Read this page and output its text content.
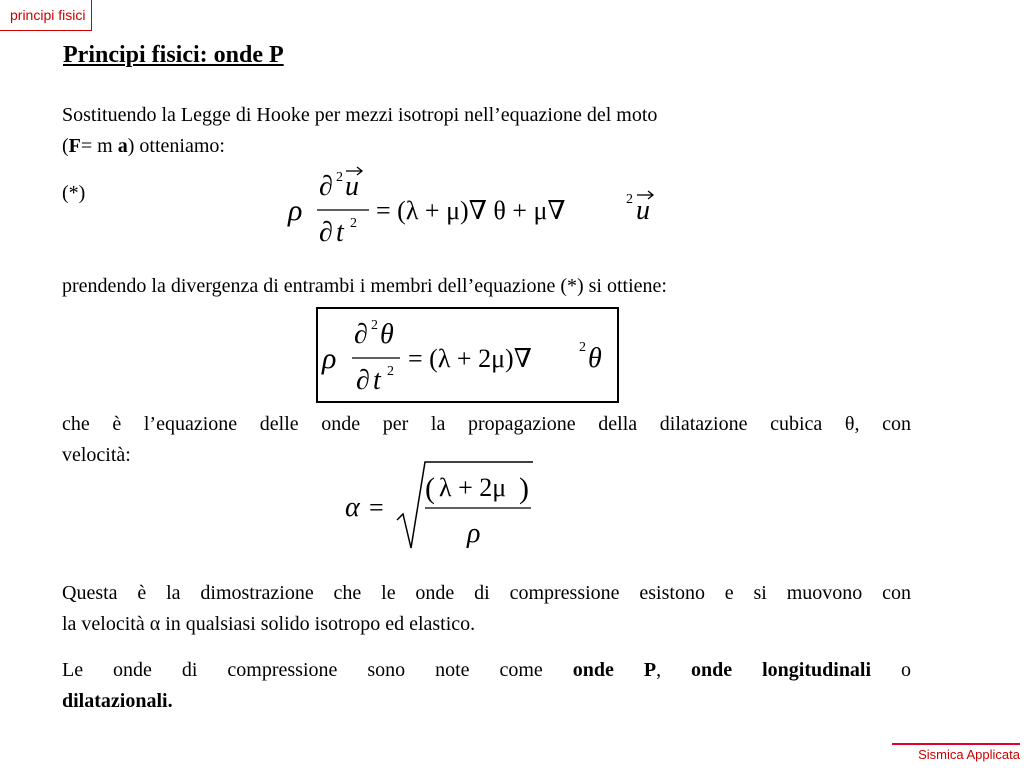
principi fisici
Principi fisici: onde P
Sostituendo la Legge di Hooke per mezzi isotropi nell’equazione del moto
(F= m a) otteniamo:
(*)
ρ
∂ 2 u
∂ t 2 = (λ + μ)∇ θ + μ∇	2 u
prendendo la divergenza di entrambi i membri dell’equazione (*) si ottiene:
ρ
∂ 2 θ
∂ t 2 = (λ + 2μ)∇	2 θ
che è l’equazione delle onde per la propagazione della dilatazione cubica θ, con
velocità:
α =
( λ + 2μ )
ρ
Questa è la dimostrazione che le onde di compressione esistono e si muovono con
la velocità α in qualsiasi solido isotropo ed elastico.
Le onde di compressione sono note come onde P, onde longitudinali o
dilatazionali.
Sismica Applicata
